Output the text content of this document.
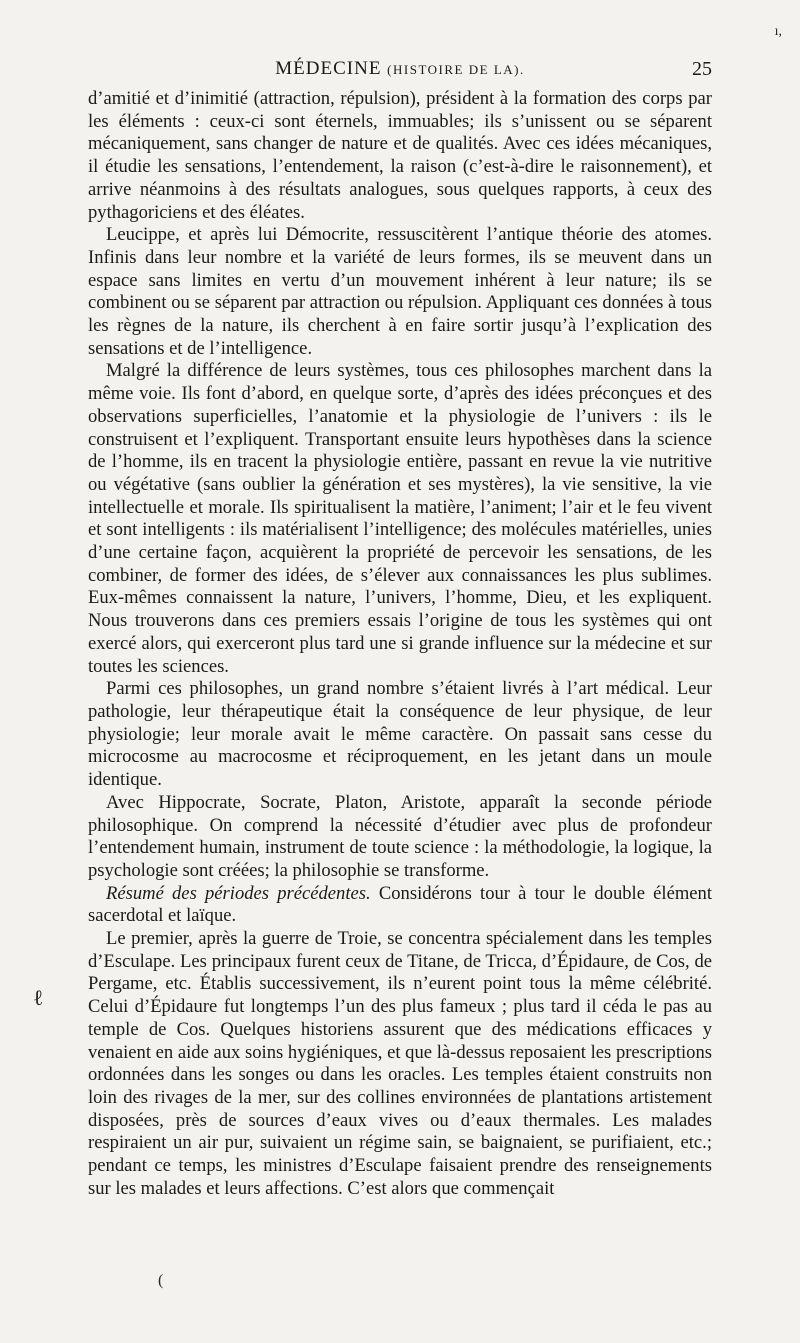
MÉDECINE (HISTOIRE DE LA).	25

d’amitié et d’inimitié (attraction, répulsion), président à la formation des corps par les éléments : ceux-ci sont éternels, immuables; ils s’unissent ou se séparent mécaniquement, sans changer de nature et de qualités. Avec ces idées mécaniques, il étudie les sensations, l’entendement, la raison (c’est-à-dire le raisonnement), et arrive néanmoins à des résultats analogues, sous quelques rapports, à ceux des pythagoriciens et des éléates.

Leucippe, et après lui Démocrite, ressuscitèrent l’antique théorie des atomes. Infinis dans leur nombre et la variété de leurs formes, ils se meuvent dans un espace sans limites en vertu d’un mouvement inhérent à leur nature; ils se combinent ou se séparent par attraction ou répulsion. Appliquant ces données à tous les règnes de la nature, ils cherchent à en faire sortir jusqu’à l’explication des sensations et de l’intelligence.

Malgré la différence de leurs systèmes, tous ces philosophes marchent dans la même voie. Ils font d’abord, en quelque sorte, d’après des idées préconçues et des observations superficielles, l’anatomie et la physiologie de l’univers : ils le construisent et l’expliquent. Transportant ensuite leurs hypothèses dans la science de l’homme, ils en tracent la physiologie entière, passant en revue la vie nutritive ou végétative (sans oublier la génération et ses mystères), la vie sensitive, la vie intellectuelle et morale. Ils spiritualisent la matière, l’animent; l’air et le feu vivent et sont intelligents : ils matérialisent l’intelligence; des molécules matérielles, unies d’une certaine façon, acquièrent la propriété de percevoir les sensations, de les combiner, de former des idées, de s’élever aux connaissances les plus sublimes. Eux-mêmes connaissent la nature, l’univers, l’homme, Dieu, et les expliquent. Nous trouverons dans ces premiers essais l’origine de tous les systèmes qui ont exercé alors, qui exerceront plus tard une si grande influence sur la médecine et sur toutes les sciences.

Parmi ces philosophes, un grand nombre s’étaient livrés à l’art médical. Leur pathologie, leur thérapeutique était la conséquence de leur physique, de leur physiologie; leur morale avait le même caractère. On passait sans cesse du microcosme au macrocosme et réciproquement, en les jetant dans un moule identique.

Avec Hippocrate, Socrate, Platon, Aristote, apparaît la seconde période philosophique. On comprend la nécessité d’étudier avec plus de profondeur l’entendement humain, instrument de toute science : la méthodologie, la logique, la psychologie sont créées; la philosophie se transforme.

Résumé des périodes précédentes. Considérons tour à tour le double élément sacerdotal et laïque.

Le premier, après la guerre de Troie, se concentra spécialement dans les temples d’Esculape. Les principaux furent ceux de Titane, de Tricca, d’Épidaure, de Cos, de Pergame, etc. Établis successivement, ils n’eurent point tous la même célébrité. Celui d’Épidaure fut longtemps l’un des plus fameux ; plus tard il céda le pas au temple de Cos. Quelques historiens assurent que des médications efficaces y venaient en aide aux soins hygiéniques, et que là-dessus reposaient les prescriptions ordonnées dans les songes ou dans les oracles. Les temples étaient construits non loin des rivages de la mer, sur des collines environnées de plantations artistement disposées, près de sources d’eaux vives ou d’eaux thermales. Les malades respiraient un air pur, suivaient un régime sain, se baignaient, se purifiaient, etc.; pendant ce temps, les ministres d’Esculape faisaient prendre des renseignements sur les malades et leurs affections. C’est alors que commençait

ı,
ℓ
(
